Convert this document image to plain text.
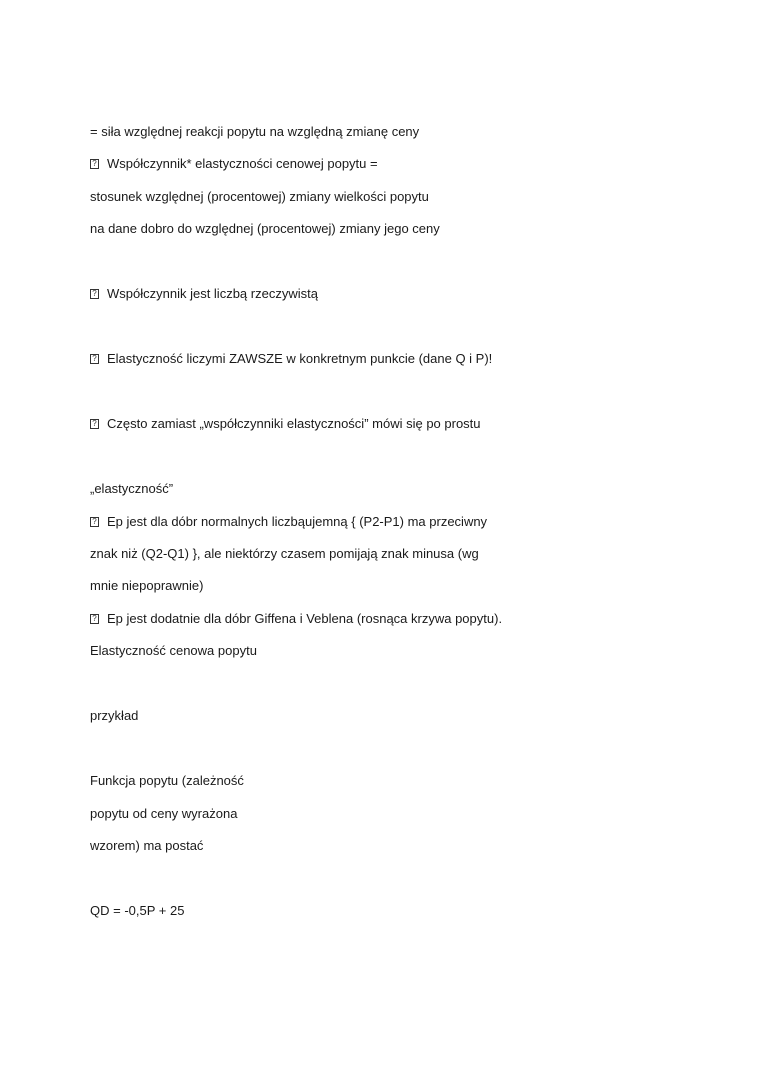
= siła względnej reakcji popytu na względną zmianę ceny
?Współczynnik* elastyczności cenowej popytu =
stosunek względnej (procentowej) zmiany wielkości popytu
na dane dobro do względnej (procentowej) zmiany jego ceny
?Współczynnik jest liczbą rzeczywistą
?Elastyczność liczymi ZAWSZE w konkretnym punkcie (dane Q i P)!
?Często zamiast „współczynniki elastyczności” mówi się po prostu
„elastyczność”
?Ep jest dla dóbr normalnych liczbąujemną { (P2-P1) ma przeciwny
znak niż (Q2-Q1) }, ale niektórzy czasem pomijają znak minusa (wg
mnie niepoprawnie)
?Ep jest dodatnie dla dóbr Giffena i Veblena (rosnąca krzywa popytu).
Elastyczność cenowa popytu
przykład
Funkcja popytu (zależność
popytu od ceny wyrażona
wzorem) ma postać
QD = -0,5P + 25
